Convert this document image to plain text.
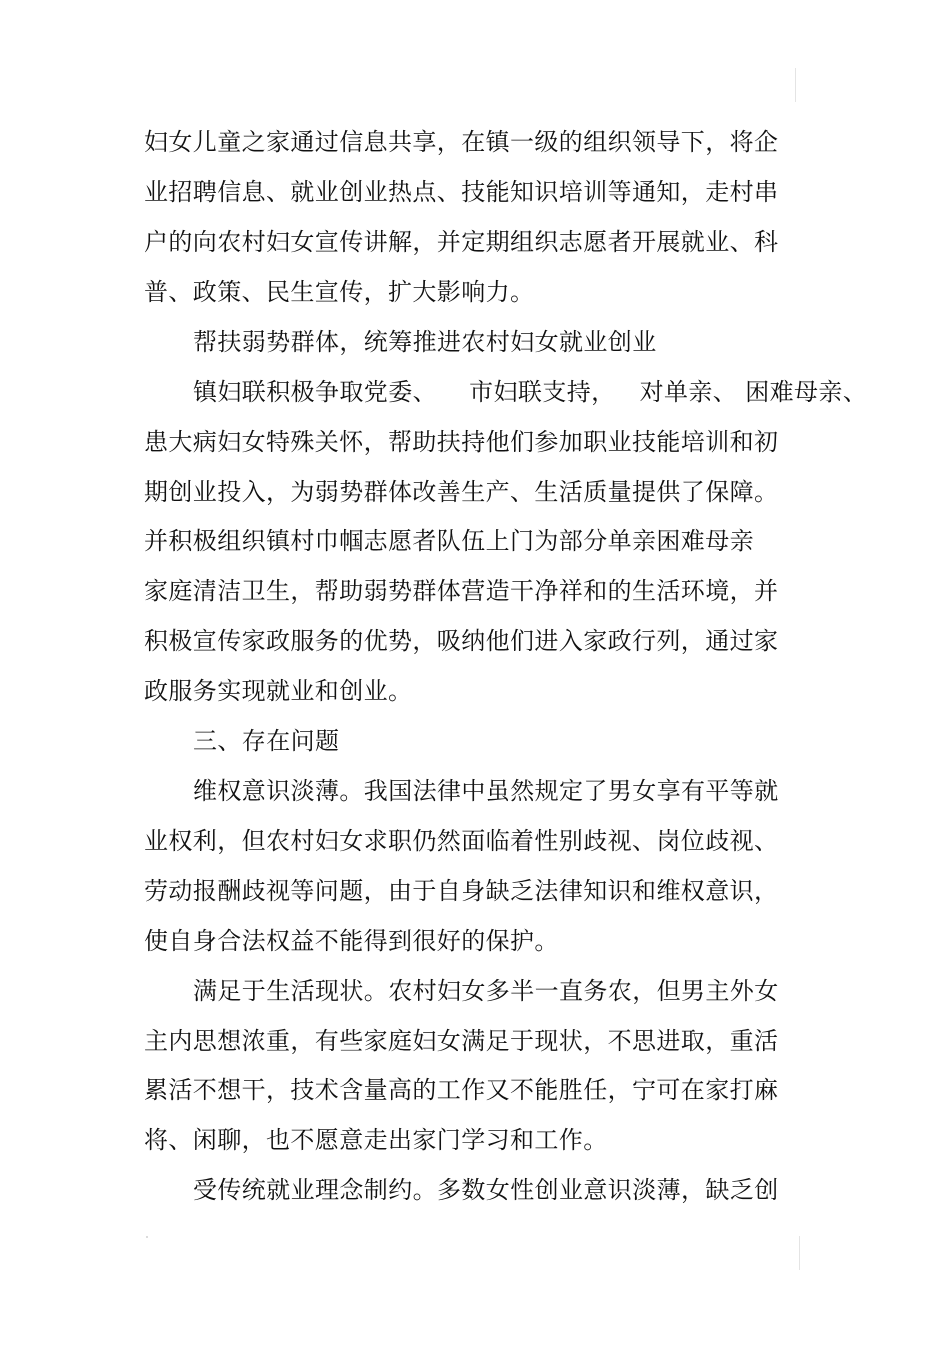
妇女儿童之家通过信息共享，在镇一级的组织领导下，将企
业招聘信息、就业创业热点、技能知识培训等通知，走村串
户的向农村妇女宣传讲解，并定期组织志愿者开展就业、科
普、政策、民生宣传，扩大影响力。
帮扶弱势群体，统筹推进农村妇女就业创业
镇妇联积极争取党委、    市妇联支持，   对单亲、 困难母亲、
患大病妇女特殊关怀，帮助扶持他们参加职业技能培训和初
期创业投入，为弱势群体改善生产、生活质量提供了保障。
并积极组织镇村巾帼志愿者队伍上门为部分单亲困难母亲
家庭清洁卫生，帮助弱势群体营造干净祥和的生活环境，并
积极宣传家政服务的优势，吸纳他们进入家政行列，通过家
政服务实现就业和创业。
三、存在问题
维权意识淡薄。我国法律中虽然规定了男女享有平等就
业权利，但农村妇女求职仍然面临着性别歧视、岗位歧视、
劳动报酬歧视等问题，由于自身缺乏法律知识和维权意识，
使自身合法权益不能得到很好的保护。
满足于生活现状。农村妇女多半一直务农，但男主外女
主内思想浓重，有些家庭妇女满足于现状，不思进取，重活
累活不想干，技术含量高的工作又不能胜任，宁可在家打麻
将、闲聊，也不愿意走出家门学习和工作。
受传统就业理念制约。多数女性创业意识淡薄，缺乏创
